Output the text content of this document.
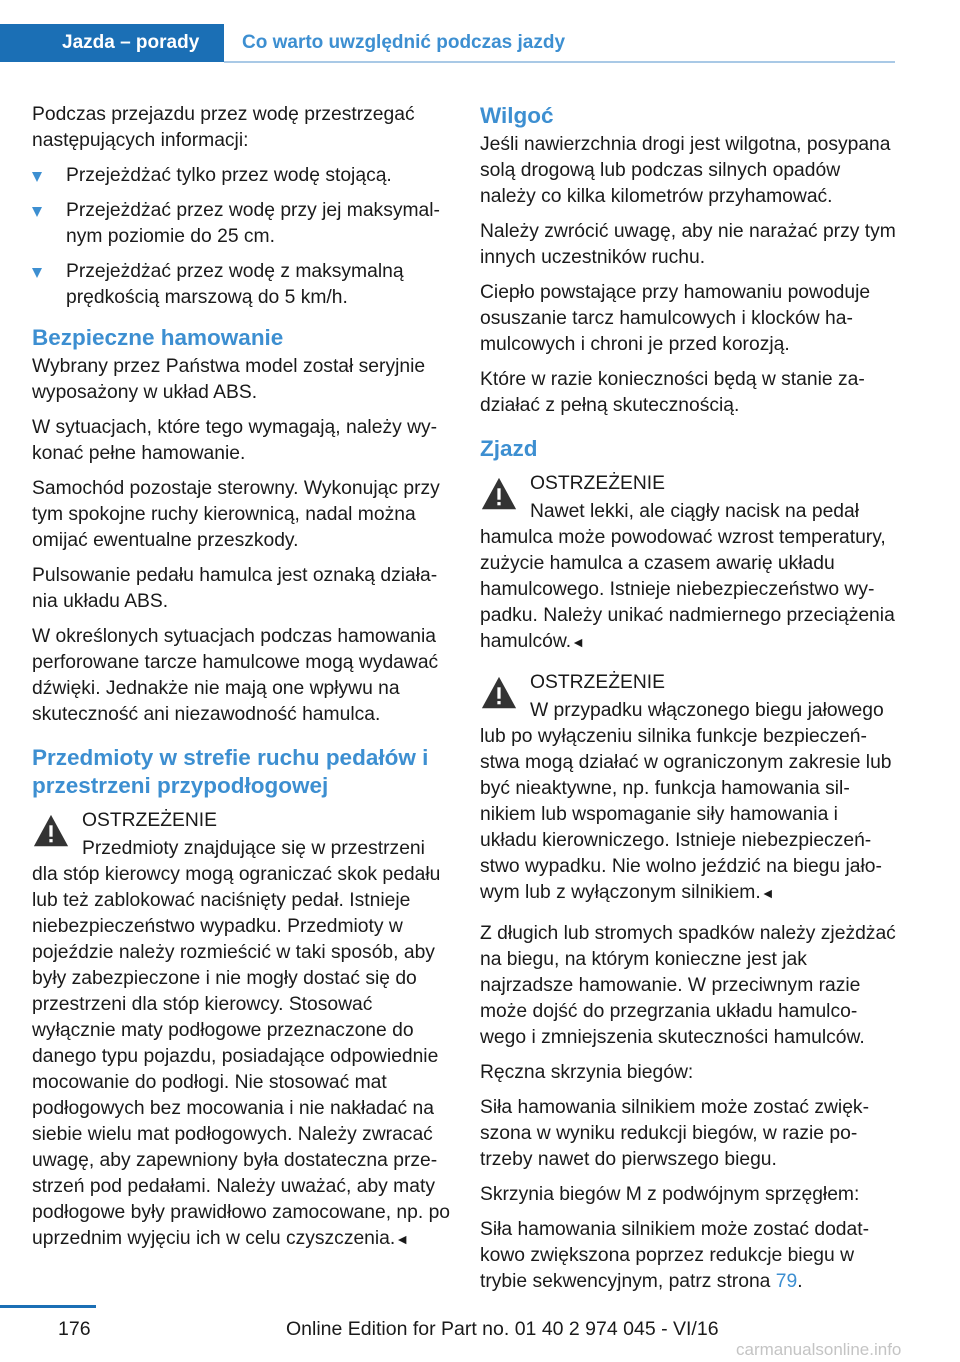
Jazda – porady Co warto uwzględnić podczas jazdy

Podczas przejazdu przez wodę przestrzegać następujących informacji:

Przejeżdżać tylko przez wodę stojącą.
Przejeżdżać przez wodę przy jej maksymalnym poziomie do 25 cm.
Przejeżdżać przez wodę z maksymalną prędkością marszową do 5 km/h.
Bezpieczne hamowanie

Wybrany przez Państwa model został seryjnie wyposażony w układ ABS.

W sytuacjach, które tego wymagają, należy wykonać pełne hamowanie.

Samochód pozostaje sterowny. Wykonując przy tym spokojne ruchy kierownicą, nadal można omijać ewentualne przeszkody.

Pulsowanie pedału hamulca jest oznaką działania układu ABS.

W określonych sytuacjach podczas hamowania perforowane tarcze hamulcowe mogą wydawać dźwięki. Jednakże nie mają one wpływu na skuteczność ani niezawodność hamulca.

Przedmioty w strefie ruchu pedałów i przestrzeni przypodłogowej
OSTRZEŻENIE

Przedmioty znajdujące się w przestrzeni dla stóp kierowcy mogą ograniczać skok pedału lub też zablokować naciśnięty pedał. Istnieje niebezpieczeństwo wypadku. Przedmioty w pojeździe należy rozmieścić w taki sposób, aby były zabezpieczone i nie mogły dostać się do przestrzeni dla stóp kierowcy. Stosować wyłącznie maty podłogowe przeznaczone do danego typu pojazdu, posiadające odpowiednie mocowanie do podłogi. Nie stosować mat podłogowych bez mocowania i nie nakładać na siebie wielu mat podłogowych. Należy zwracać uwagę, aby zapewniony była dostateczna przestrzeń pod pedałami. Należy uważać, aby maty podłogowe były prawidłowo zamocowane, np. po uprzednim wyjęciu ich w celu czyszczenia.◄

Wilgoć

Jeśli nawierzchnia drogi jest wilgotna, posypana solą drogową lub podczas silnych opadów należy co kilka kilometrów przyhamować.

Należy zwrócić uwagę, aby nie narażać przy tym innych uczestników ruchu.

Ciepło powstające przy hamowaniu powoduje osuszanie tarcz hamulcowych i klocków hamulcowych i chroni je przed korozją.

Które w razie konieczności będą w stanie zadziałać z pełną skutecznością.

Zjazd
OSTRZEŻENIE

Nawet lekki, ale ciągły nacisk na pedał hamulca może powodować wzrost temperatury, zużycie hamulca a czasem awarię układu hamulcowego. Istnieje niebezpieczeństwo wypadku. Należy unikać nadmiernego przeciążenia hamulców.◄

OSTRZEŻENIE

W przypadku włączonego biegu jałowego lub po wyłączeniu silnika funkcje bezpieczeństwa mogą działać w ograniczonym zakresie lub być nieaktywne, np. funkcja hamowania silnikiem lub wspomaganie siły hamowania i układu kierowniczego. Istnieje niebezpieczeństwo wypadku. Nie wolno jeździć na biegu jałowym lub z wyłączonym silnikiem.◄

Z długich lub stromych spadków należy zjeżdżać na biegu, na którym konieczne jest jak najrzadsze hamowanie. W przeciwnym razie może dojść do przegrzania układu hamulcowego i zmniejszenia skuteczności hamulców.

Ręczna skrzynia biegów:

Siła hamowania silnikiem może zostać zwiększona w wyniku redukcji biegów, w razie potrzeby nawet do pierwszego biegu.

Skrzynia biegów M z podwójnym sprzęgłem:

Siła hamowania silnikiem może zostać dodatkowo zwiększona poprzez redukcje biegu w trybie sekwencyjnym, patrz strona 79.

176	Online Edition for Part no. 01 40 2 974 045 - VI/16
carmanualsonline.info
